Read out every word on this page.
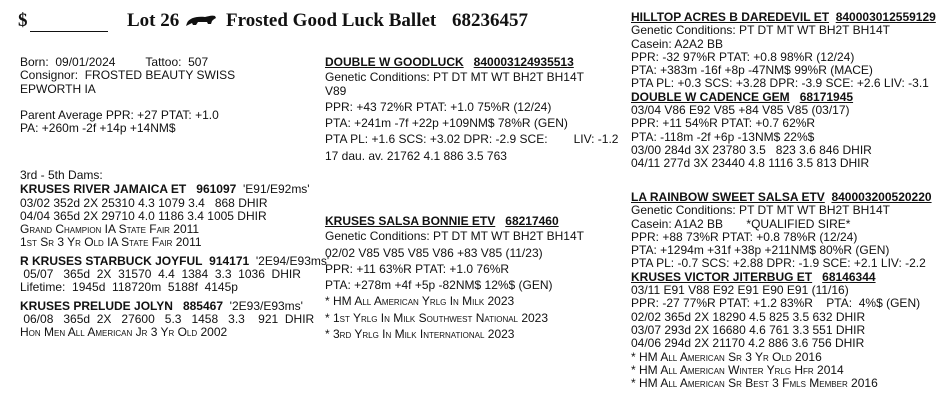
$	Lot 26 Frosted Good Luck Ballet 68236457
Born: 09/01/2024	Tattoo: 507
Consignor: FROSTED BEAUTY SWISS
EPWORTH IA
Parent Average PPR: +27 PTAT: +1.0
PA: +260m -2f +14p +14NM$
3rd - 5th Dams:
KRUSES RIVER JAMAICA ET 961097 'E91/E92ms'
03/02 352d 2X 25310 4.3 1079 3.4   868 DHIR
04/04 365d 2X 29710 4.0 1186 3.4 1005 DHIR
Grand Champion IA State Fair 2011
1st Sr 3 Yr Old IA State Fair 2011
R KRUSES STARBUCK JOYFUL 914171 '2E94/E93ms'
05/07   365d  2X  31570  4.4  1384  3.3  1036  DHIR
Lifetime:  1945d  118720m  5188f  4145p
KRUSES PRELUDE JOLYN 885467 '2E93/E93ms'
06/08   365d  2X   27600   5.3   1458   3.3    921  DHIR
Hon Men All American Jr 3 Yr Old 2002
DOUBLE W GOODLUCK 840003124935513
Genetic Conditions: PT DT MT WT BH2T BH14T
V89
PPR: +43 72%R PTAT: +1.0 75%R (12/24)
PTA: +241m -7f +22p +109NM$ 78%R (GEN)
PTA PL: +1.6 SCS: +3.02 DPR: -2.9 SCE: LIV: -1.2
17 dau. av. 21762 4.1 886 3.5 763
KRUSES SALSA BONNIE ETV 68217460
Genetic Conditions: PT DT MT WT BH2T BH14T
02/02 V85 V85 V85 V86 +83 V85 (11/23)
PPR: +11 63%R PTAT: +1.0 76%R
PTA: +278m +4f +5p -82NM$ 12%$ (GEN)
* HM All American Yrlg In Milk 2023
* 1st Yrlg In Milk Southwest National 2023
* 3rd Yrlg In Milk International 2023
HILLTOP ACRES B DAREDEVIL ET 840003012559129
Genetic Conditions: PT DT MT WT BH2T BH14T
Casein: A2A2 BB
PPR: -32 97%R PTAT: +0.8 98%R (12/24)
PTA: +383m -16f +8p -47NM$ 99%R (MACE)
PTA PL: +0.3 SCS: +3.28 DPR: -3.9 SCE: +2.6 LIV: -3.1
DOUBLE W CADENCE GEM 68171945
03/04 V86 E92 V85 +84 V85 V85 (03/17)
PPR: +11 54%R PTAT: +0.7 62%R
PTA: -118m -2f +6p -13NM$ 22%$
03/00 284d 3X 23780 3.5   823 3.6 846 DHIR
04/11 277d 3X 23440 4.8 1116 3.5 813 DHIR
LA RAINBOW SWEET SALSA ETV 840003200520220
Genetic Conditions: PT DT MT WT BH2T BH14T
Casein: A1A2 BB       *QUALIFIED SIRE*
PPR: +88 73%R PTAT: +0.8 78%R (12/24)
PTA: +1294m +31f +38p +211NM$ 80%R (GEN)
PTA PL: -0.7 SCS: +2.88 DPR: -1.9 SCE: +2.1 LIV: -2.2
KRUSES VICTOR JITERBUG ET 68146344
03/11 E91 V88 E92 E91 E90 E91 (11/16)
PPR: -27 77%R PTAT: +1.2 83%R    PTA:  4%$ (GEN)
02/02 365d 2X 18290 4.5 825 3.5 632 DHIR
03/07 293d 2X 16680 4.6 761 3.3 551 DHIR
04/06 294d 2X 21170 4.2 886 3.6 756 DHIR
* HM All American Sr 3 Yr Old 2016
* HM All American Winter Yrlg Hfr 2014
* HM All American Sr Best 3 Fmls Member 2016
